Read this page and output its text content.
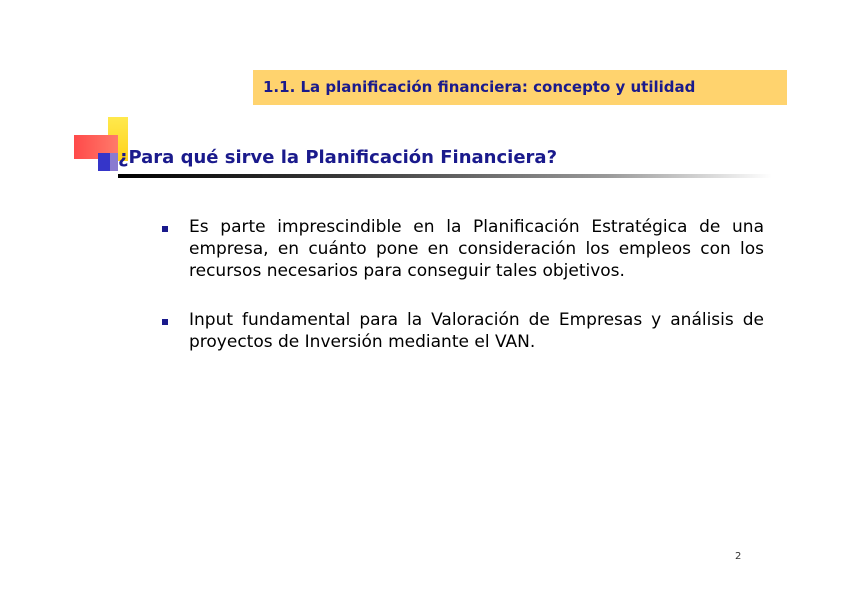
1.1. La planificación financiera: concepto y utilidad
¿Para qué sirve la Planificación Financiera?
Es parte imprescindible en la Planificación Estratégica de una empresa, en cuánto pone en consideración los empleos con los recursos necesarios para conseguir tales objetivos.
Input fundamental para la Valoración de Empresas y análisis de proyectos de Inversión mediante el VAN.
2
